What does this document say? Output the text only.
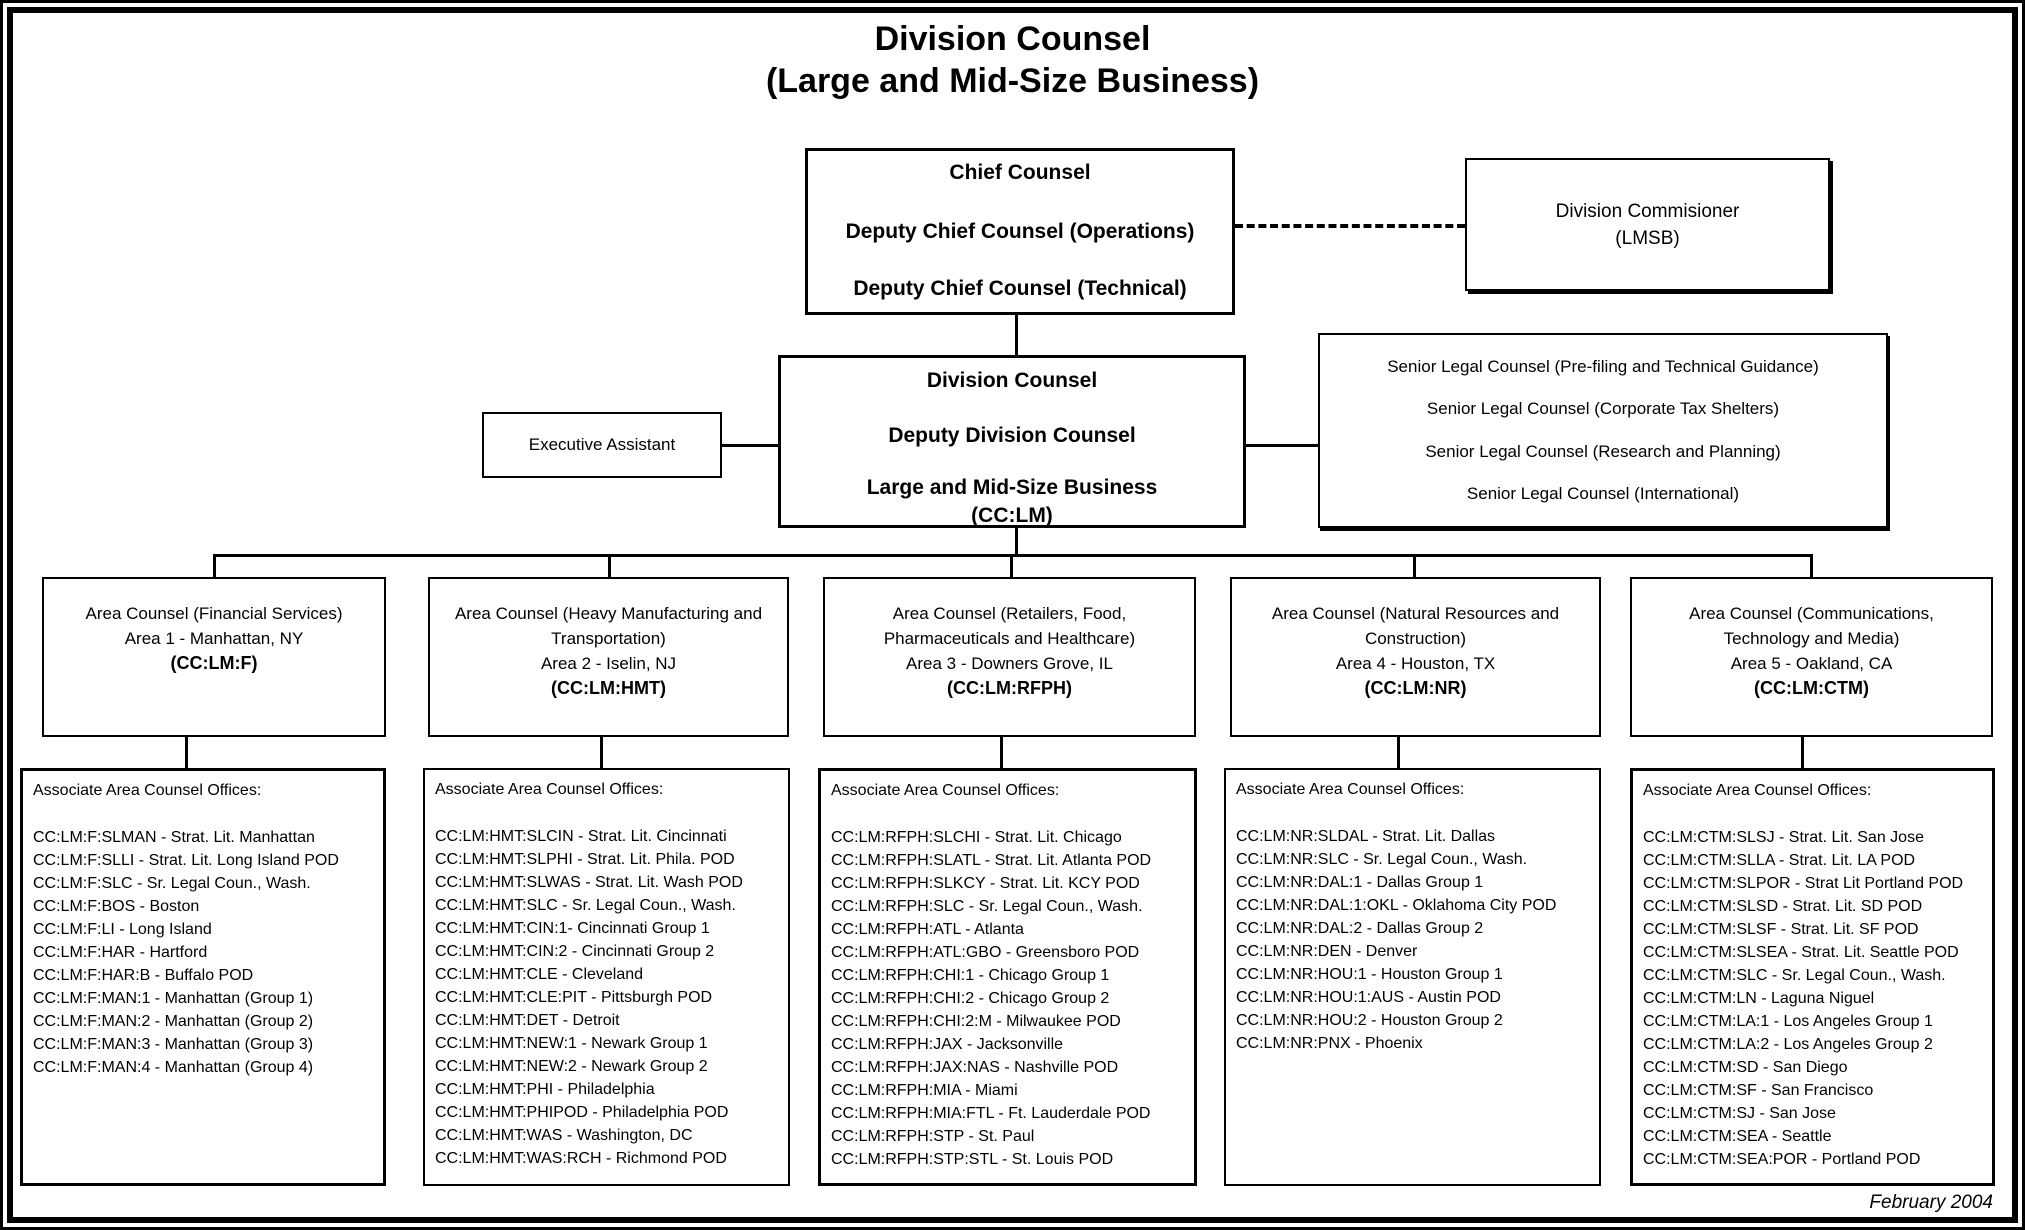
Division Counsel
(Large and Mid-Size Business)
Chief Counsel
Deputy Chief Counsel (Operations)
Deputy Chief Counsel (Technical)
Division Commisioner
(LMSB)
Division Counsel
Deputy Division Counsel
Large and Mid-Size Business
(CC:LM)
Executive Assistant
Senior Legal Counsel (Pre-filing and Technical Guidance)
Senior Legal Counsel (Corporate Tax Shelters)
Senior Legal Counsel (Research and Planning)
Senior Legal Counsel (International)
Area Counsel (Financial Services)
Area 1 - Manhattan, NY
(CC:LM:F)
Area Counsel (Heavy Manufacturing and Transportation)
Area 2 - Iselin, NJ
(CC:LM:HMT)
Area Counsel (Retailers, Food, Pharmaceuticals and Healthcare)
Area 3 - Downers Grove, IL
(CC:LM:RFPH)
Area Counsel (Natural Resources and Construction)
Area 4 - Houston, TX
(CC:LM:NR)
Area Counsel (Communications, Technology and Media)
Area 5 - Oakland, CA
(CC:LM:CTM)
Associate Area Counsel Offices:
CC:LM:F:SLMAN - Strat. Lit. Manhattan
CC:LM:F:SLLI - Strat. Lit. Long Island POD
CC:LM:F:SLC - Sr. Legal Coun., Wash.
CC:LM:F:BOS - Boston
CC:LM:F:LI - Long Island
CC:LM:F:HAR - Hartford
CC:LM:F:HAR:B - Buffalo POD
CC:LM:F:MAN:1 - Manhattan (Group 1)
CC:LM:F:MAN:2 - Manhattan (Group 2)
CC:LM:F:MAN:3 - Manhattan (Group 3)
CC:LM:F:MAN:4 - Manhattan (Group 4)
Associate Area Counsel Offices:
CC:LM:HMT:SLCIN - Strat. Lit. Cincinnati
CC:LM:HMT:SLPHI - Strat. Lit. Phila. POD
CC:LM:HMT:SLWAS - Strat. Lit. Wash POD
CC:LM:HMT:SLC - Sr. Legal Coun., Wash.
CC:LM:HMT:CIN:1- Cincinnati Group 1
CC:LM:HMT:CIN:2 - Cincinnati Group 2
CC:LM:HMT:CLE - Cleveland
CC:LM:HMT:CLE:PIT - Pittsburgh POD
CC:LM:HMT:DET - Detroit
CC:LM:HMT:NEW:1 - Newark Group 1
CC:LM:HMT:NEW:2 - Newark Group 2
CC:LM:HMT:PHI - Philadelphia
CC:LM:HMT:PHIPOD - Philadelphia POD
CC:LM:HMT:WAS - Washington, DC
CC:LM:HMT:WAS:RCH - Richmond POD
Associate Area Counsel Offices:
CC:LM:RFPH:SLCHI - Strat. Lit. Chicago
CC:LM:RFPH:SLATL - Strat. Lit. Atlanta POD
CC:LM:RFPH:SLKCY - Strat. Lit. KCY POD
CC:LM:RFPH:SLC - Sr. Legal Coun., Wash.
CC:LM:RFPH:ATL - Atlanta
CC:LM:RFPH:ATL:GBO - Greensboro POD
CC:LM:RFPH:CHI:1 - Chicago Group 1
CC:LM:RFPH:CHI:2 - Chicago Group 2
CC:LM:RFPH:CHI:2:M - Milwaukee POD
CC:LM:RFPH:JAX - Jacksonville
CC:LM:RFPH:JAX:NAS - Nashville POD
CC:LM:RFPH:MIA - Miami
CC:LM:RFPH:MIA:FTL - Ft. Lauderdale POD
CC:LM:RFPH:STP - St. Paul
CC:LM:RFPH:STP:STL - St. Louis POD
Associate Area Counsel Offices:
CC:LM:NR:SLDAL - Strat. Lit. Dallas
CC:LM:NR:SLC - Sr. Legal Coun., Wash.
CC:LM:NR:DAL:1 - Dallas Group 1
CC:LM:NR:DAL:1:OKL - Oklahoma City POD
CC:LM:NR:DAL:2 - Dallas Group 2
CC:LM:NR:DEN - Denver
CC:LM:NR:HOU:1 - Houston Group 1
CC:LM:NR:HOU:1:AUS - Austin POD
CC:LM:NR:HOU:2 - Houston Group 2
CC:LM:NR:PNX - Phoenix
Associate Area Counsel Offices:
CC:LM:CTM:SLSJ - Strat. Lit. San Jose
CC:LM:CTM:SLLA - Strat. Lit. LA POD
CC:LM:CTM:SLPOR - Strat Lit Portland POD
CC:LM:CTM:SLSD - Strat. Lit. SD POD
CC:LM:CTM:SLSF - Strat. Lit. SF POD
CC:LM:CTM:SLSEA - Strat. Lit. Seattle POD
CC:LM:CTM:SLC - Sr. Legal Coun., Wash.
CC:LM:CTM:LN - Laguna Niguel
CC:LM:CTM:LA:1 - Los Angeles Group 1
CC:LM:CTM:LA:2 - Los Angeles Group 2
CC:LM:CTM:SD - San Diego
CC:LM:CTM:SF - San Francisco
CC:LM:CTM:SJ - San Jose
CC:LM:CTM:SEA - Seattle
CC:LM:CTM:SEA:POR - Portland POD
February 2004
